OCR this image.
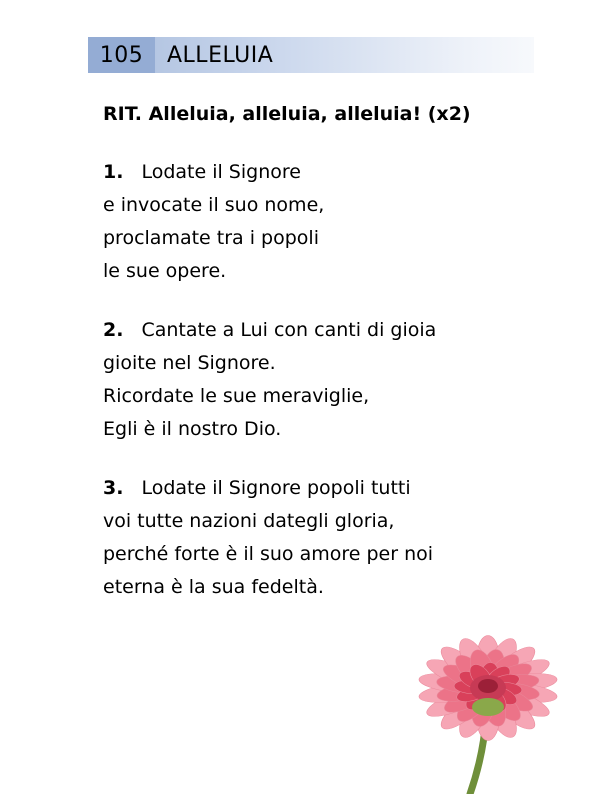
105	ALLELUIA
RIT. Alleluia, alleluia, alleluia! (x2)
1. Lodate il Signore
e invocate il suo nome,
proclamate tra i popoli
le sue opere.
2. Cantate a Lui con canti di gioia
gioite nel Signore.
Ricordate le sue meraviglie,
Egli è il nostro Dio.
3. Lodate il Signore popoli tutti
voi tutte nazioni dategli gloria,
perché forte è il suo amore per noi
eterna è la sua fedeltà.
